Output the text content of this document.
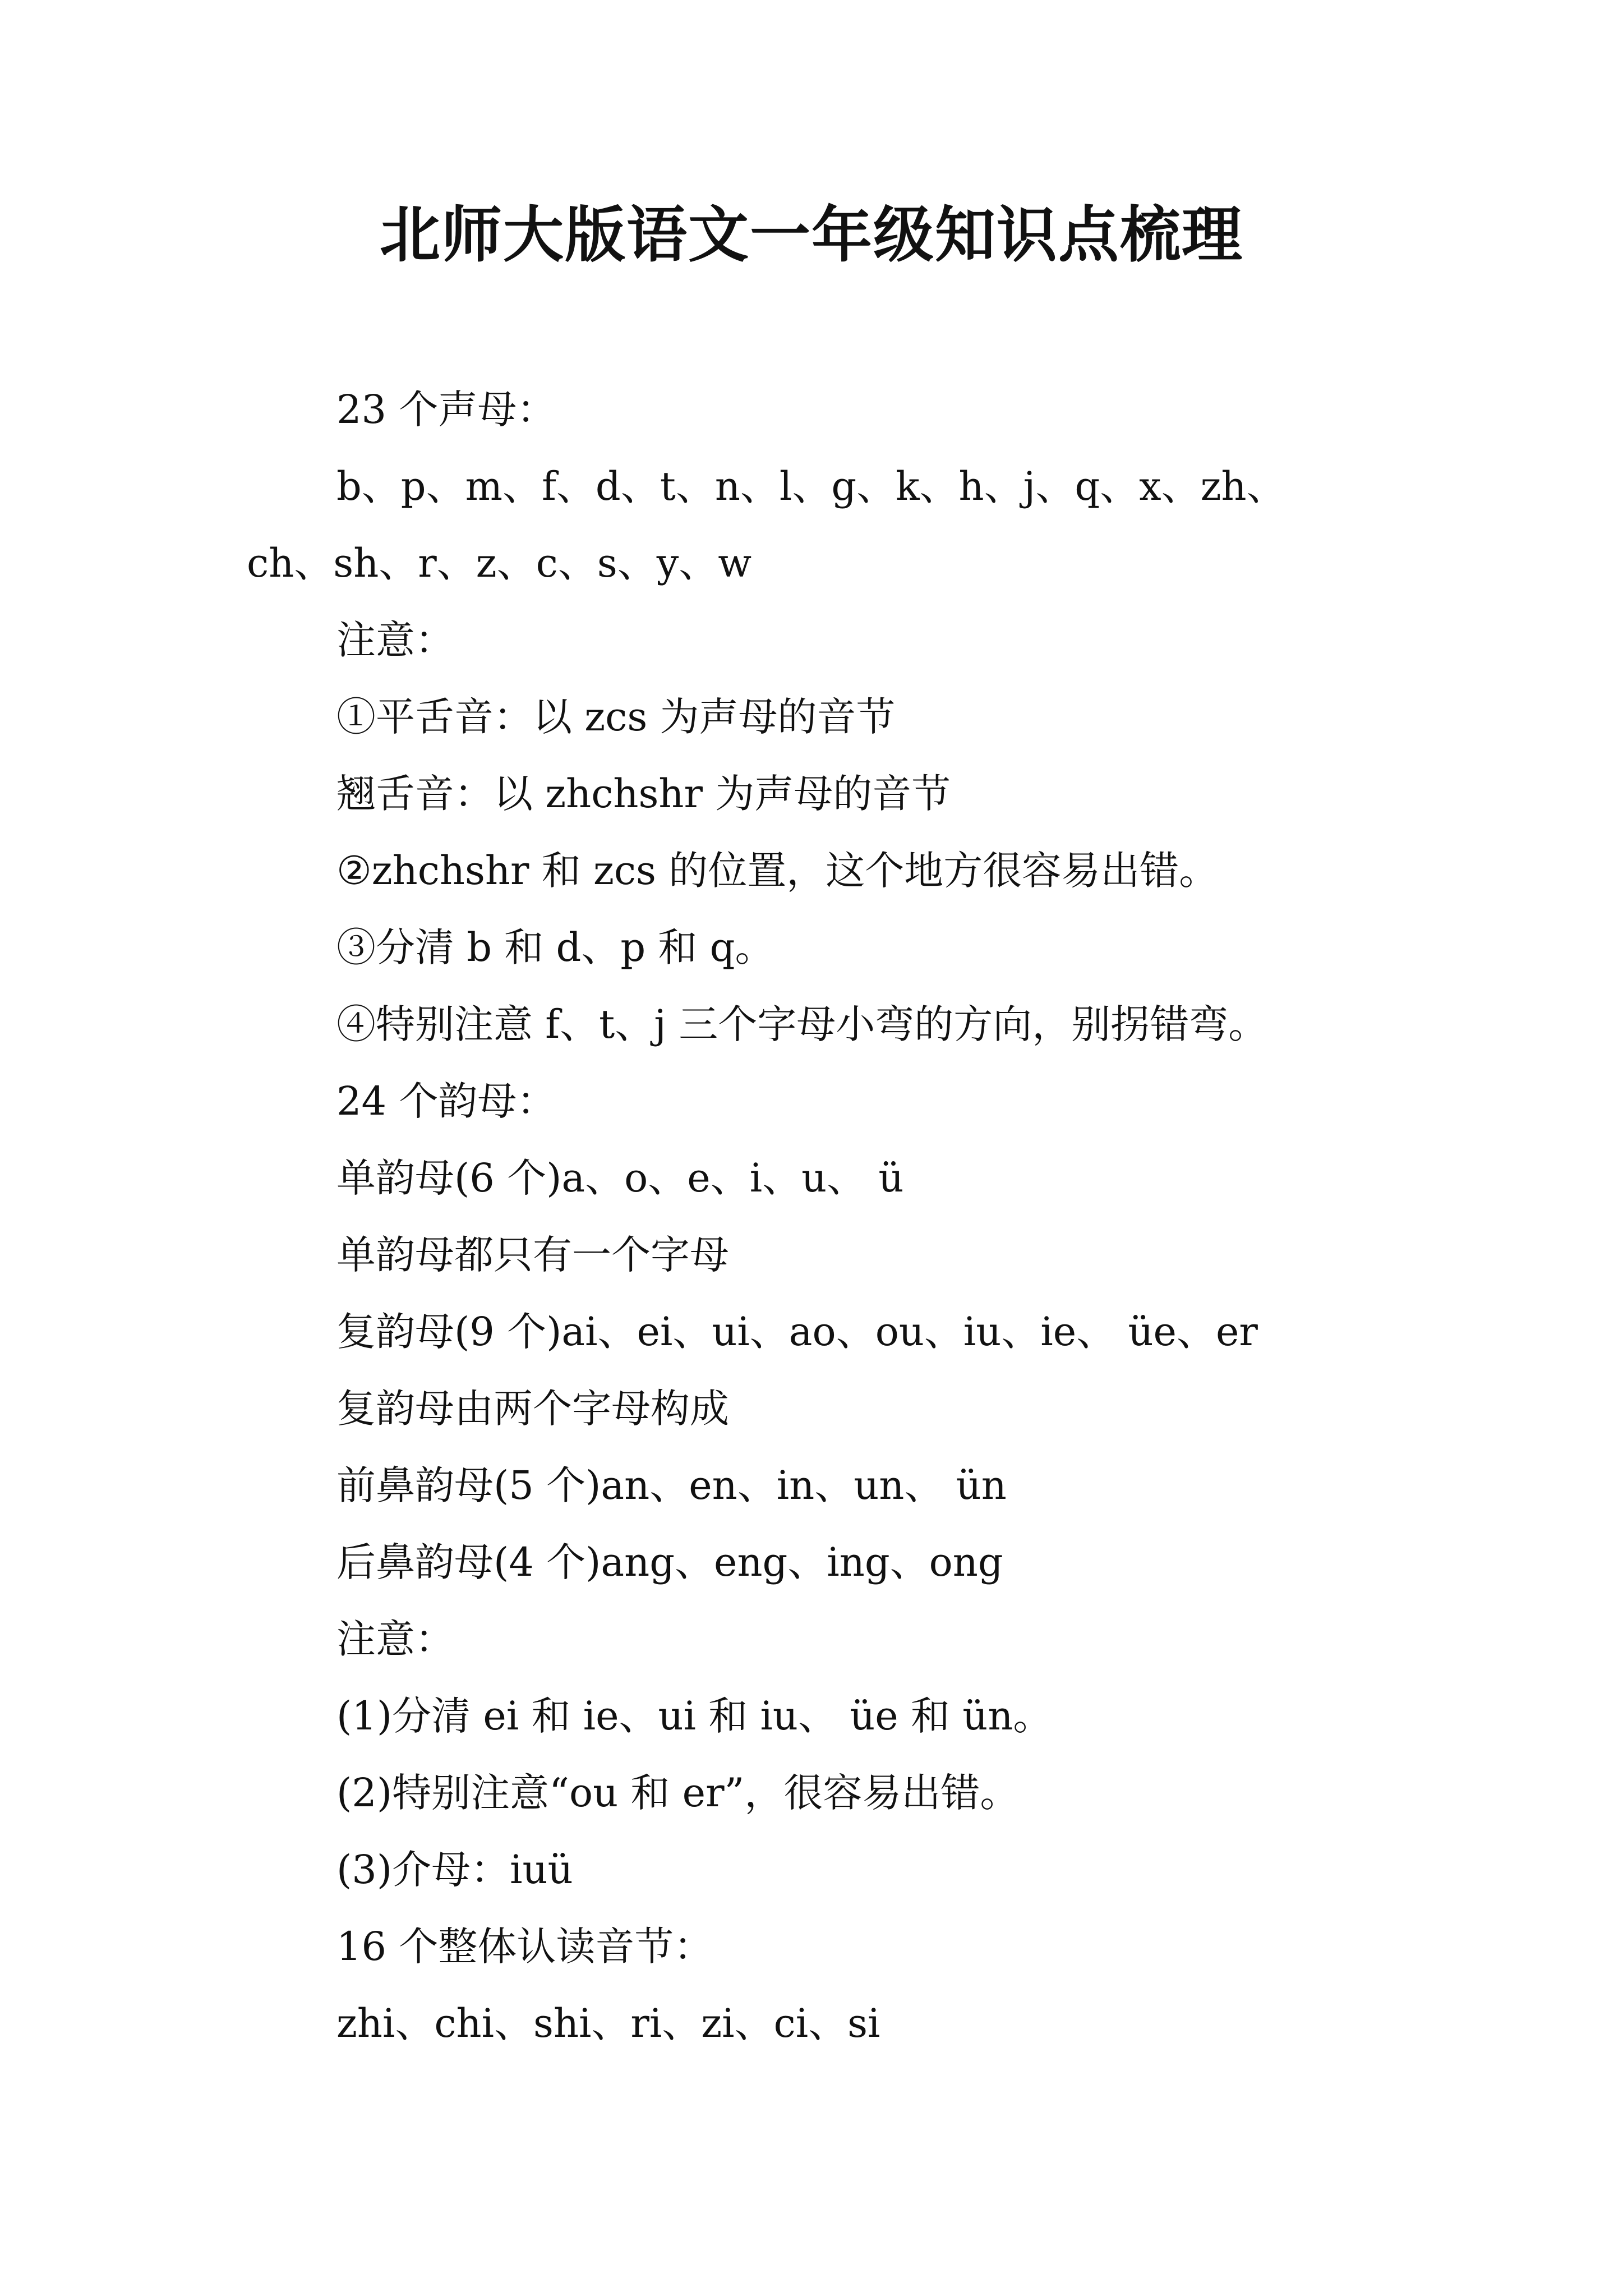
北师大版语文一年级知识点梳理
23 个声母：
b、p、m、f、d、t、n、l、g、k、h、j、q、x、zh、
ch、sh、r、z、c、s、y、w
注意：
①平舌音：以 zcs 为声母的音节
翘舌音：以 zhchshr 为声母的音节
②zhchshr 和 zcs 的位置，这个地方很容易出错。
③分清 b 和 d、p 和 q。
④特别注意 f、t、j 三个字母小弯的方向，别拐错弯。
24 个韵母：
单韵母(6 个)a、o、e、i、u、 ü
单韵母都只有一个字母
复韵母(9 个)ai、ei、ui、ao、ou、iu、ie、 üe、er
复韵母由两个字母构成
前鼻韵母(5 个)an、en、in、un、 ün
后鼻韵母(4 个)ang、eng、ing、ong
注意：
(1)分清 ei 和 ie、ui 和 iu、 üe 和 ün。
(2)特别注意“ou 和 er”，很容易出错。
(3)介母：iuü
16 个整体认读音节：
zhi、chi、shi、ri、zi、ci、si
